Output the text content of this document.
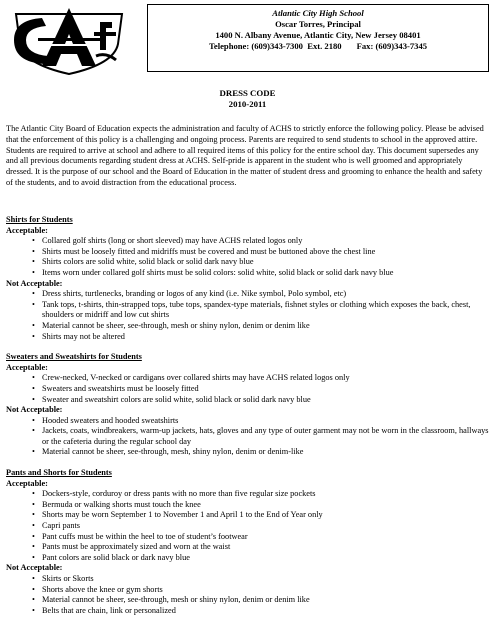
Atlantic City High School
Oscar Torres, Principal
1400 N. Albany Avenue, Atlantic City, New Jersey 08401
Telephone: (609)343-7300  Ext. 2180       Fax: (609)343-7345
DRESS CODE
2010-2011
The Atlantic City Board of Education expects the administration and faculty of ACHS to strictly enforce the following policy. Please be advised that the enforcement of this policy is a challenging and ongoing process. Parents are required to send students to school in the approved attire. Students are required to arrive at school and adhere to all required items of this policy for the entire school day. This document supersedes any and all previous documents regarding student dress at ACHS. Self-pride is apparent in the student who is well groomed and appropriately dressed. It is the purpose of our school and the Board of Education in the matter of student dress and grooming to enhance the health and safety of the students, and to avoid distraction from the educational process.
Shirts for Students
Acceptable:
• Collared golf shirts (long or short sleeved) may have ACHS related logos only
• Shirts must be loosely fitted and midriffs must be covered and must be buttoned above the chest line
• Shirts colors are solid white, solid black or solid dark navy blue
• Items worn under collared golf shirts must be solid colors: solid white, solid black or solid dark navy blue
Not Acceptable:
• Dress shirts, turtlenecks, branding or logos of any kind (i.e. Nike symbol, Polo symbol, etc)
• Tank tops, t-shirts, thin-strapped tops, tube tops, spandex-type materials, fishnet styles or clothing which exposes the back, chest, shoulders or midriff and low cut shirts
• Material cannot be sheer, see-through, mesh or shiny nylon, denim or denim like
• Shirts may not be altered
Sweaters and Sweatshirts for Students
Acceptable:
• Crew-necked, V-necked or cardigans over collared shirts may have ACHS related logos only
• Sweaters and sweatshirts must be loosely fitted
• Sweater and sweatshirt colors are solid white, solid black or solid dark navy blue
Not Acceptable:
• Hooded sweaters and hooded sweatshirts
• Jackets, coats, windbreakers, warm-up jackets, hats, gloves and any type of outer garment may not be worn in the classroom, hallways or the cafeteria during the regular school day
• Material cannot be sheer, see-through, mesh, shiny nylon, denim or denim-like
Pants and Shorts for Students
Acceptable:
• Dockers-style, corduroy or dress pants with no more than five regular size pockets
• Bermuda or walking shorts must touch the knee
• Shorts may be worn September 1 to November 1 and April 1 to the End of Year only
• Capri pants
• Pant cuffs must be within the heel to toe of student’s footwear
• Pants must be approximately sized and worn at the waist
• Pant colors are solid black or dark navy blue
Not Acceptable:
• Skirts or Skorts
• Shorts above the knee or gym shorts
• Material cannot be sheer, see-through, mesh or shiny nylon, denim or denim like
• Belts that are chain, link or personalized
